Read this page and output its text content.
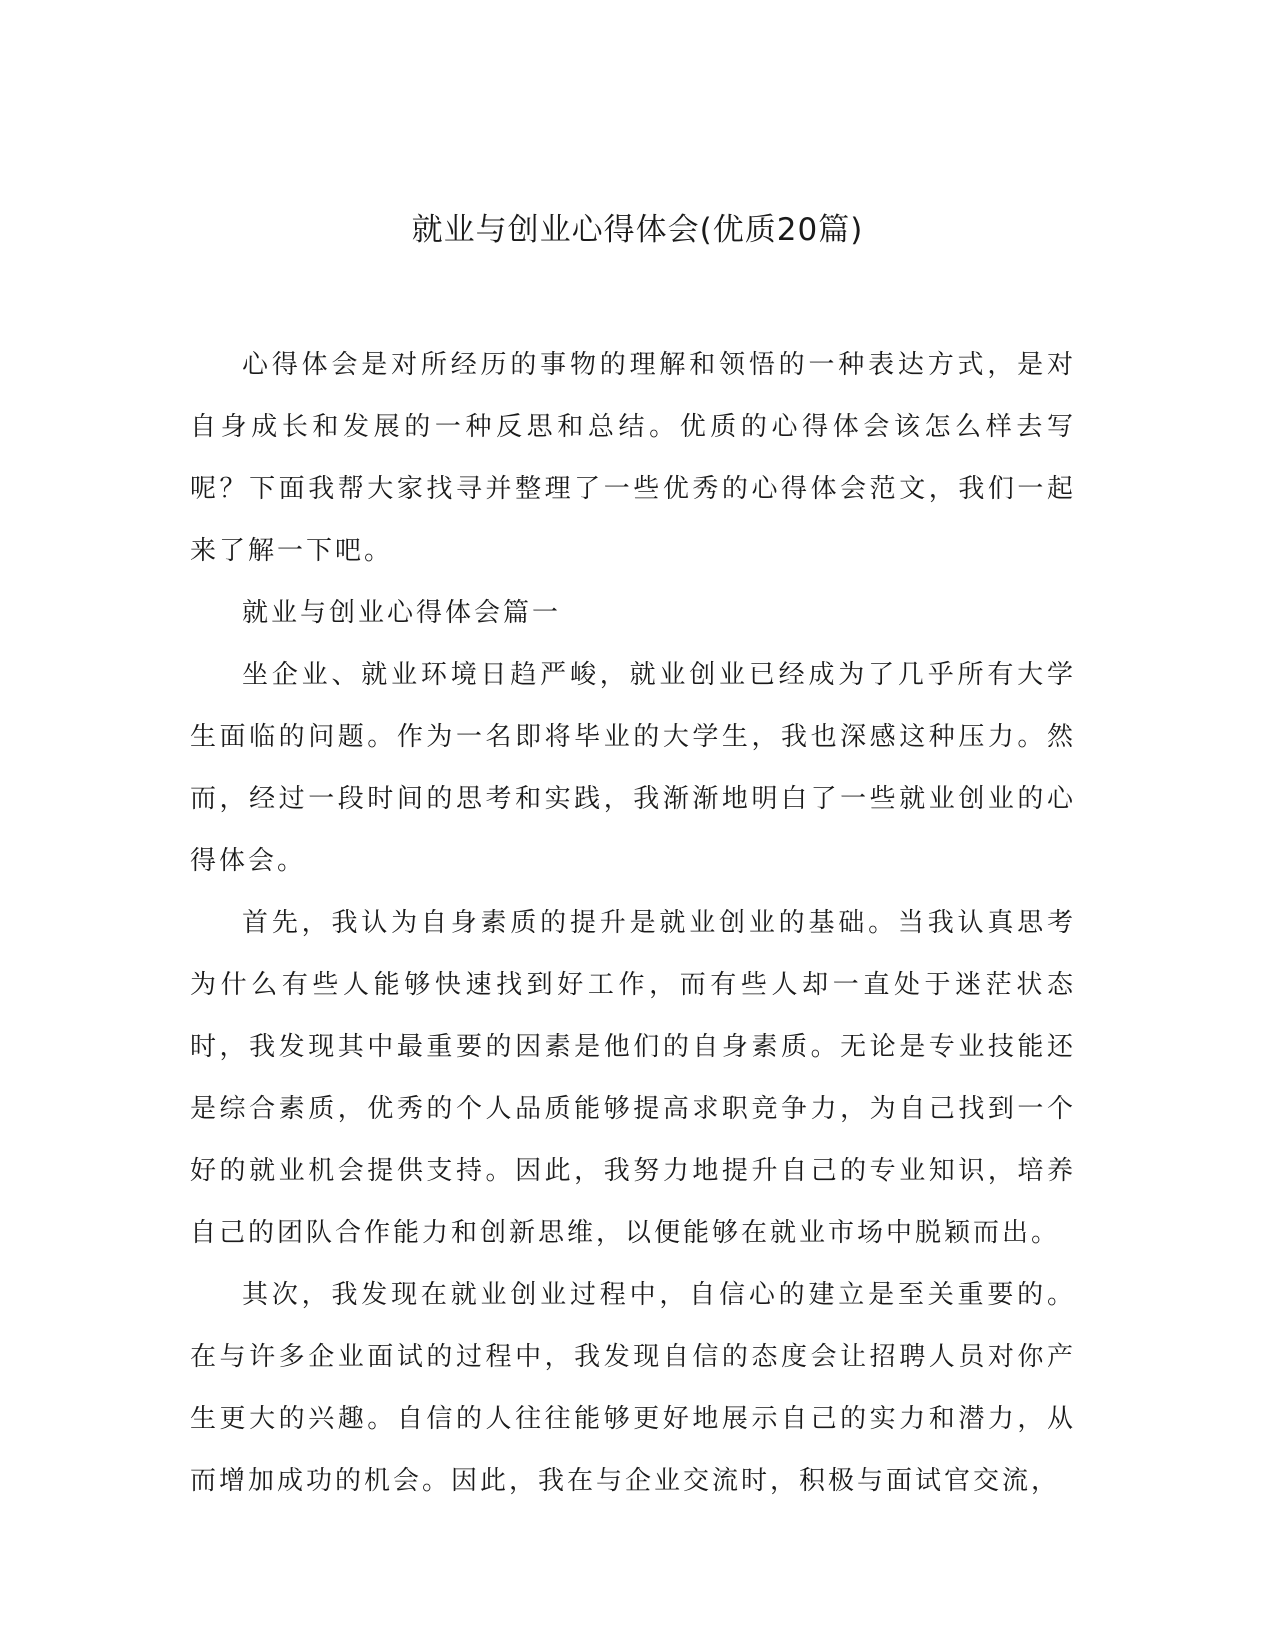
就业与创业心得体会(优质20篇)

心得体会是对所经历的事物的理解和领悟的一种表达方式，是对自身成长和发展的一种反思和总结。优质的心得体会该怎么样去写呢？下面我帮大家找寻并整理了一些优秀的心得体会范文，我们一起来了解一下吧。

就业与创业心得体会篇一

坐企业、就业环境日趋严峻，就业创业已经成为了几乎所有大学生面临的问题。作为一名即将毕业的大学生，我也深感这种压力。然而，经过一段时间的思考和实践，我渐渐地明白了一些就业创业的心得体会。

首先，我认为自身素质的提升是就业创业的基础。当我认真思考为什么有些人能够快速找到好工作，而有些人却一直处于迷茫状态时，我发现其中最重要的因素是他们的自身素质。无论是专业技能还是综合素质，优秀的个人品质能够提高求职竞争力，为自己找到一个好的就业机会提供支持。因此，我努力地提升自己的专业知识，培养自己的团队合作能力和创新思维，以便能够在就业市场中脱颖而出。

其次，我发现在就业创业过程中，自信心的建立是至关重要的。在与许多企业面试的过程中，我发现自信的态度会让招聘人员对你产生更大的兴趣。自信的人往往能够更好地展示自己的实力和潜力，从而增加成功的机会。因此，我在与企业交流时，积极与面试官交流，
